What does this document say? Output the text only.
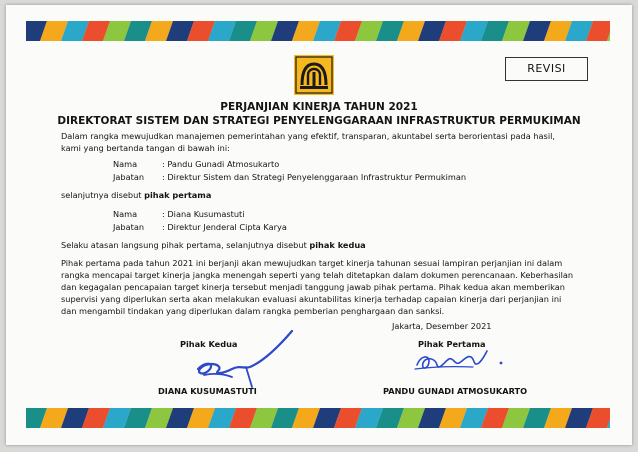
REVISI
PERJANJIAN KINERJA TAHUN 2021
DIREKTORAT SISTEM DAN STRATEGI PENYELENGGARAAN INFRASTRUKTUR PERMUKIMAN
Dalam rangka mewujudkan manajemen pemerintahan yang efektif, transparan, akuntabel serta berorientasi pada hasil,
kami yang bertanda tangan di bawah ini:
Nama	: Pandu Gunadi Atmosukarto
Jabatan : Direktur Sistem dan Strategi Penyelenggaraan Infrastruktur Permukiman
selanjutnya disebut pihak pertama
Nama	: Diana Kusumastuti
Jabatan : Direktur Jenderal Cipta Karya
Selaku atasan langsung pihak pertama, selanjutnya disebut pihak kedua
Pihak pertama pada tahun 2021 ini berjanji akan mewujudkan target kinerja tahunan sesuai lampiran perjanjian ini dalam
rangka mencapai target kinerja jangka menengah seperti yang telah ditetapkan dalam dokumen perencanaan. Keberhasilan
dan kegagalan pencapaian target kinerja tersebut menjadi tanggung jawab pihak pertama. Pihak kedua akan memberikan
supervisi yang diperlukan serta akan melakukan evaluasi akuntabilitas kinerja terhadap capaian kinerja dari perjanjian ini
dan mengambil tindakan yang diperlukan dalam rangka pemberian penghargaan dan sanksi.
Jakarta, Desember 2021
Pihak Kedua	Pihak Pertama
DIANA KUSUMASTUTI	PANDU GUNADI ATMOSUKARTO
